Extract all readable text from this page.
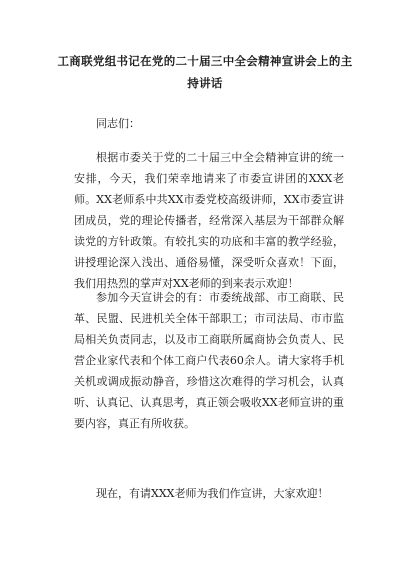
工商联党组书记在党的二十届三中全会精神宣讲会上的主持讲话

同志们：

根据市委关于党的二十届三中全会精神宣讲的统一安排，今天，我们荣幸地请来了市委宣讲团的XXX老师。XX老师系中共XX市委党校高级讲师，XX市委宣讲团成员，党的理论传播者，经常深入基层为干部群众解读党的方针政策。有较扎实的功底和丰富的教学经验，讲授理论深入浅出、通俗易懂，深受听众喜欢！下面，我们用热烈的掌声对XX老师的到来表示欢迎！

参加今天宣讲会的有：市委统战部、市工商联、民革、民盟、民进机关全体干部职工；市司法局、市市监局相关负责同志，以及市工商联所属商协会负责人、民营企业家代表和个体工商户代表60余人。请大家将手机关机或调成振动静音，珍惜这次难得的学习机会，认真听、认真记、认真思考，真正领会吸收XX老师宣讲的重要内容，真正有所收获。

现在，有请XXX老师为我们作宣讲，大家欢迎！
